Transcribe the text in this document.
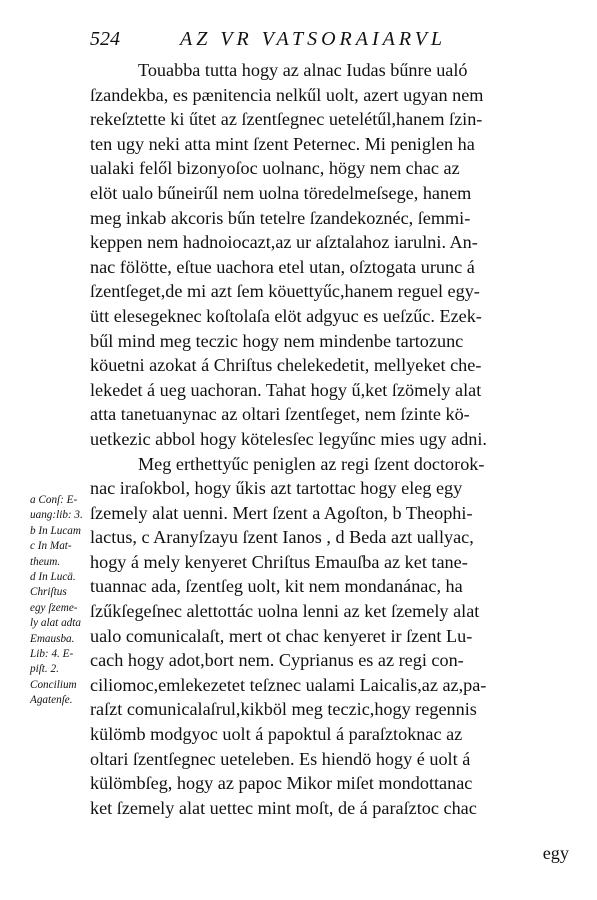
524	AZ VR VATSORAIARVL
Touabba tutta hogy az alnac Iudas bűnre ualó
ſzandekba, es pænitencia nelkűl uolt, azert ugyan nem
rekeſztette ki űtet az ſzentſegnec uetelétűl,hanem ſzin-
ten ugy neki atta mint ſzent Peternec. Mi peniglen ha
ualaki felől bizonyoſoc uolnanc, högy nem chac az
elöt ualo bűneirűl nem uolna töredelmeſsege, hanem
meg inkab akcoris bűn tetelre ſzandekoznéc, ſemmi-
keppen nem hadnoiocazt,az ur aſztalahoz iarulni. An-
nac fölötte, eſtue uachora etel utan, oſztogata urunc á
ſzentſeget,de mi azt ſem köuettyűc,hanem reguel egy-
ütt elesegeknec koſtolaſa elöt adgyuc es ueſzűc. Ezek-
bűl mind meg teczic hogy nem mindenbe tartozunc
köuetni azokat á Chriſtus chelekedetit, mellyeket che-
lekedet á ueg uachoran. Tahat hogy ű,ket ſzömely alat
atta tanetuanynac az oltari ſzentſeget, nem ſzinte kö-
uetkezic abbol hogy kötelesſec legyűnc mies ugy adni.
Meg erthettyűc peniglen az regi ſzent doctorok-
nac iraſokbol, hogy űkis azt tartottac hogy eleg egy
ſzemely alat uenni. Mert ſzent a Agoſton, b Theophi-
lactus, c Aranyſzayu ſzent Ianos , d Beda azt uallyac,
hogy á mely kenyeret Chriſtus Emauſba az ket tane-
tuannac ada, ſzentſeg uolt, kit nem mondanánac, ha
ſzűkſegeſnec alettottác uolna lenni az ket ſzemely alat
ualo comunicalaſt, mert ot chac kenyeret ir ſzent Lu-
cach hogy adot,bort nem. Cyprianus es az regi con-
ciliomoc,emlekezetet teſznec ualami Laicalis,az az,pa-
raſzt comunicalaſrul,kikböl meg teczic,hogy regennis
külömb modgyoc uolt á papoktul á paraſztoknac az
oltari ſzentſegnec ueteleben. Es hiendö hogy é uolt á
külömbſeg, hogy az papoc Mikor miſet mondottanac
ket ſzemely alat uettec mint moſt, de á paraſztoc chac
egy
a Conſ: E-
uang:lib: 3.
b In Lucam
c In Mat-
theum.
d In Lucä.
Chriſtus
egy ſzeme-
ly alat adta
Emausba.
Lib: 4. E-
piſt. 2.
Concilium
Agatenſe.
